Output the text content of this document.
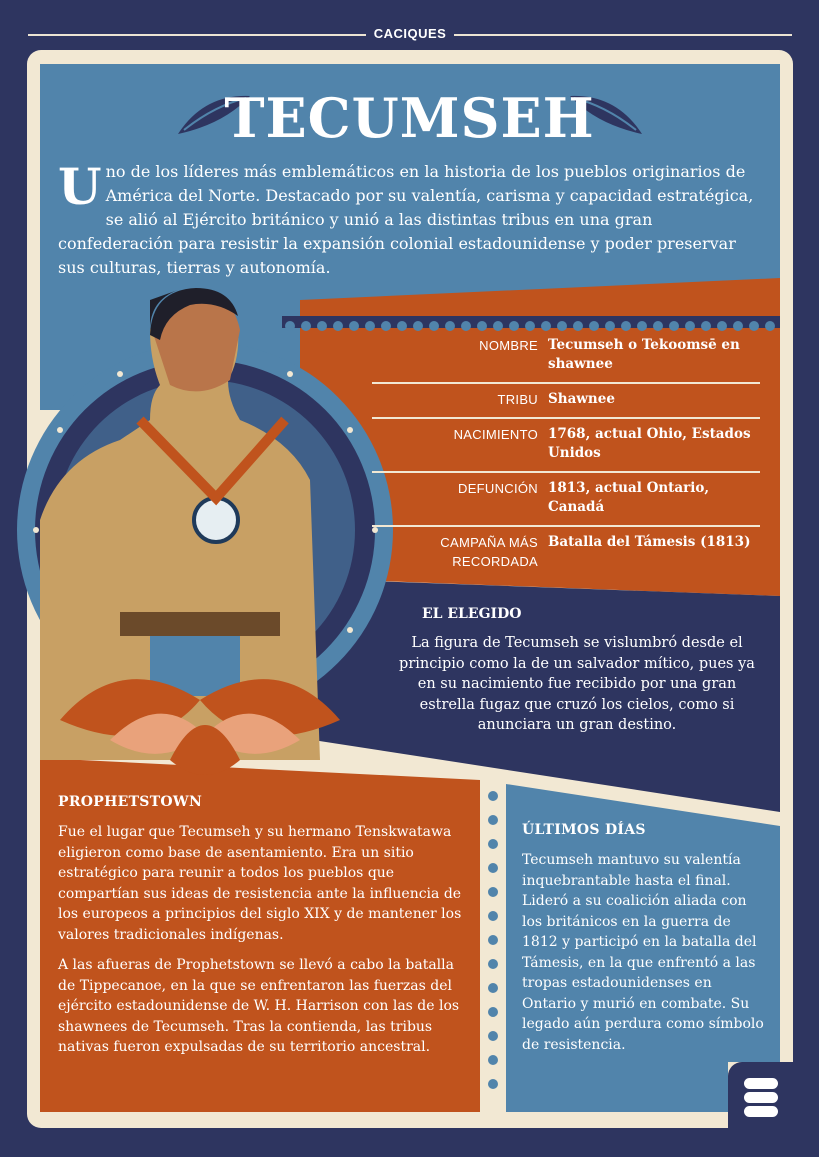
CACIQUES
TECUMSEH
Uno de los líderes más emblemáticos en la historia de los pueblos originarios de América del Norte. Destacado por su valentía, carisma y capacidad estratégica, se alió al Ejército británico y unió a las distintas tribus en una gran confederación para resistir la expansión colonial estadounidense y poder preservar sus culturas, tierras y autonomía.
NOMBRE Tecumseh o Tekoomsē en shawnee
TRIBU Shawnee
NACIMIENTO 1768, actual Ohio, Estados Unidos
DEFUNCIÓN 1813, actual Ontario, Canadá
CAMPAÑA MÁS RECORDADA
Batalla del Támesis (1813)
EL ELEGIDO
La figura de Tecumseh se vislumbró desde el principio como la de un salvador mítico, pues ya en su nacimiento fue recibido por una gran estrella fugaz que cruzó los cielos, como si anunciara un gran destino.
PROPHETSTOWN

Fue el lugar que Tecumseh y su hermano Tenskwatawa eligieron como base de asentamiento. Era un sitio estratégico para reunir a todos los pueblos que compartían sus ideas de resistencia ante la influencia de los europeos a principios del siglo XIX y de mantener los valores tradicionales indígenas.

A las afueras de Prophetstown se llevó a cabo la batalla de Tippecanoe, en la que se enfrentaron las fuerzas del ejército estadounidense de W. H. Harrison con las de los shawnees de Tecumseh. Tras la contienda, las tribus nativas fueron expulsadas de su territorio ancestral.

ÚLTIMOS DÍAS

Tecumseh mantuvo su valentía inquebrantable hasta el final. Lideró a su coalición aliada con los británicos en la guerra de 1812 y participó en la batalla del Támesis, en la que enfrentó a las tropas estadounidenses en Ontario y murió en combate. Su legado aún perdura como símbolo de resistencia.
